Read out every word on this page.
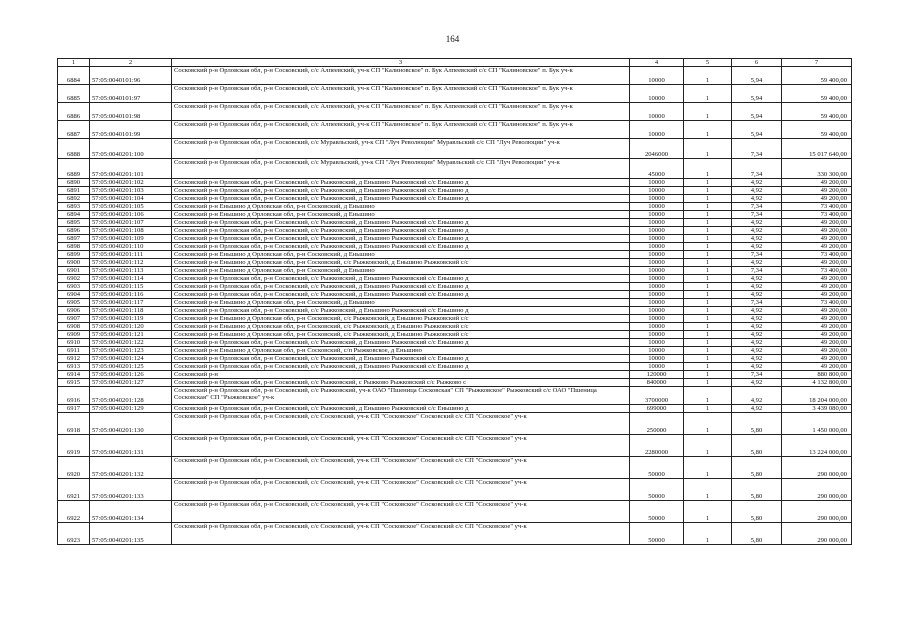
164
1	2	3	4	5	6	7
6884	57:05:0040101:96	Сосковский р-н Орловская обл, р-н Сосковский, с/с Алпеевский, уч-к СП "Калиновское" п. Бук Алпеевский с/с СП "Калиновское" п. Бук уч-к	10000	1	5,94	59 400,00
6885	57:05:0040101:97	Сосковский р-н Орловская обл, р-н Сосковский, с/с Алпеевский, уч-к СП "Калиновское" п. Бук Алпеевский с/с СП "Калиновское" п. Бук уч-к	10000	1	5,94	59 400,00
6886	57:05:0040101:98	Сосковский р-н Орловская обл, р-н Сосковский, с/с Алпеевский, уч-к СП "Калиновское" п. Бук Алпеевский с/с СП "Калиновское" п. Бук уч-к	10000	1	5,94	59 400,00
6887	57:05:0040101:99	Сосковский р-н Орловская обл, р-н Сосковский, с/с Алпеевский, уч-к СП "Калиновское" п. Бук Алпеевский с/с СП "Калиновское" п. Бук уч-к	10000	1	5,94	59 400,00
6888	57:05:0040201:100	Сосковский р-н Орловская обл, р-н Сосковский, с/с Муравльский, уч-к СП "Луч Революции" Муравльский с/с СП "Луч Революции" уч-к	2046000	1	7,34	15 017 640,00
6889	57:05:0040201:101	Сосковский р-н Орловская обл, р-н Сосковский, с/с Муравльский, уч-к СП "Луч Революции" Муравльский с/с СП "Луч Революции" уч-к	45000	1	7,34	330 300,00
6890	57:05:0040201:102	Сосковский р-н Орловская обл, р-н Сосковский, с/с Рыжковский, д Еньшино Рыжковский с/с Еньшино д	10000	1	4,92	49 200,00
6891	57:05:0040201:103	Сосковский р-н Орловская обл, р-н Сосковский, с/с Рыжковский, д Еньшино Рыжковский с/с Еньшино д	10000	1	4,92	49 200,00
6892	57:05:0040201:104	Сосковский р-н Орловская обл, р-н Сосковский, с/с Рыжковский, д Еньшино Рыжковский с/с Еньшино д	10000	1	4,92	49 200,00
6893	57:05:0040201:105	Сосковский р-н Еньшино д Орловская обл, р-н Сосковский, д Еньшино	10000	1	7,34	73 400,00
6894	57:05:0040201:106	Сосковский р-н Еньшино д Орловская обл, р-н Сосковский, д Еньшино	10000	1	7,34	73 400,00
6895	57:05:0040201:107	Сосковский р-н Орловская обл, р-н Сосковский, с/с Рыжковский, д Еньшино Рыжковский с/с Еньшино д	10000	1	4,92	49 200,00
6896	57:05:0040201:108	Сосковский р-н Орловская обл, р-н Сосковский, с/с Рыжковский, д Еньшино Рыжковский с/с Еньшино д	10000	1	4,92	49 200,00
6897	57:05:0040201:109	Сосковский р-н Орловская обл, р-н Сосковский, с/с Рыжковский, д Еньшино Рыжковский с/с Еньшино д	10000	1	4,92	49 200,00
6898	57:05:0040201:110	Сосковский р-н Орловская обл, р-н Сосковский, с/с Рыжковский, д Еньшино Рыжковский с/с Еньшино д	10000	1	4,92	49 200,00
6899	57:05:0040201:111	Сосковский р-н Еньшино д Орловская обл, р-н Сосковский, д Еньшино	10000	1	7,34	73 400,00
6900	57:05:0040201:112	Сосковский р-н Еньшино д Орловская обл, р-н Сосковский, с/с Рыжковский, д Еньшино Рыжковский с/с	10000	1	4,92	49 200,00
6901	57:05:0040201:113	Сосковский р-н Еньшино д Орловская обл, р-н Сосковский, д Еньшино	10000	1	7,34	73 400,00
6902	57:05:0040201:114	Сосковский р-н Орловская обл, р-н Сосковский, с/с Рыжковский, д Еньшино Рыжковский с/с Еньшино д	10000	1	4,92	49 200,00
6903	57:05:0040201:115	Сосковский р-н Орловская обл, р-н Сосковский, с/с Рыжковский, д Еньшино Рыжковский с/с Еньшино д	10000	1	4,92	49 200,00
6904	57:05:0040201:116	Сосковский р-н Орловская обл, р-н Сосковский, с/с Рыжковский, д Еньшино Рыжковский с/с Еньшино д	10000	1	4,92	49 200,00
6905	57:05:0040201:117	Сосковский р-н Еньшино д Орловская обл, р-н Сосковский, д Еньшино	10000	1	7,34	73 400,00
6906	57:05:0040201:118	Сосковский р-н Орловская обл, р-н Сосковский, с/с Рыжковский, д Еньшино Рыжковский с/с Еньшино д	10000	1	4,92	49 200,00
6907	57:05:0040201:119	Сосковский р-н Еньшино д Орловская обл, р-н Сосковский, с/с Рыжковский, д Еньшино Рыжковский с/с	10000	1	4,92	49 200,00
6908	57:05:0040201:120	Сосковский р-н Еньшино д Орловская обл, р-н Сосковский, с/с Рыжковский, д Еньшино Рыжковский с/с	10000	1	4,92	49 200,00
6909	57:05:0040201:121	Сосковский р-н Еньшино д Орловская обл, р-н Сосковский, с/с Рыжковский, д Еньшино Рыжковский с/с	10000	1	4,92	49 200,00
6910	57:05:0040201:122	Сосковский р-н Орловская обл, р-н Сосковский, с/с Рыжковский, д Еньшино Рыжковский с/с Еньшино д	10000	1	4,92	49 200,00
6911	57:05:0040201:123	Сосковский р-н Еньшино д Орловская обл, р-н Сосковский, с/п Рыжковское, д Еньшино	10000	1	4,92	49 200,00
6912	57:05:0040201:124	Сосковский р-н Орловская обл, р-н Сосковский, с/с Рыжковский, д Еньшино Рыжковский с/с Еньшино д	10000	1	4,92	49 200,00
6913	57:05:0040201:125	Сосковский р-н Орловская обл, р-н Сосковский, с/с Рыжковский, д Еньшино Рыжковский с/с Еньшино д	10000	1	4,92	49 200,00
6914	57:05:0040201:126	Сосковский р-н	120000	1	7,34	880 800,00
6915	57:05:0040201:127	Сосковский р-н Орловская обл, р-н Сосковский, с/с Рыжковский, с Рыжково Рыжковский с/с Рыжково с	840000	1	4,92	4 132 800,00
6916	57:05:0040201:128	Сосковский р-н Орловская обл, р-н Сосковский, с/с Рыжковский, уч-к ОАО "Пшеница Сосковская" СП "Рыжковское" Рыжковский с/с ОАО "Пшеница Сосковская" СП "Рыжковское" уч-к	3700000	1	4,92	18 204 000,00
6917	57:05:0040201:129	Сосковский р-н Орловская обл, р-н Сосковский, с/с Рыжковский, д Еньшино Рыжковский с/с Еньшино д	699000	1	4,92	3 439 080,00
6918	57:05:0040201:130	Сосковский р-н Орловская обл, р-н Сосковский, с/с Сосковский, уч-к СП "Сосковское" Сосковский с/с СП "Сосковское" уч-к	250000	1	5,80	1 450 000,00
6919	57:05:0040201:131	Сосковский р-н Орловская обл, р-н Сосковский, с/с Сосковский, уч-к СП "Сосковское" Сосковский с/с СП "Сосковское" уч-к	2280000	1	5,80	13 224 000,00
6920	57:05:0040201:132	Сосковский р-н Орловская обл, р-н Сосковский, с/с Сосковский, уч-к СП "Сосковское" Сосковский с/с СП "Сосковское" уч-к	50000	1	5,80	290 000,00
6921	57:05:0040201:133	Сосковский р-н Орловская обл, р-н Сосковский, с/с Сосковский, уч-к СП "Сосковское" Сосковский с/с СП "Сосковское" уч-к	50000	1	5,80	290 000,00
6922	57:05:0040201:134	Сосковский р-н Орловская обл, р-н Сосковский, с/с Сосковский, уч-к СП "Сосковское" Сосковский с/с СП "Сосковское" уч-к	50000	1	5,80	290 000,00
6923	57:05:0040201:135	Сосковский р-н Орловская обл, р-н Сосковский, с/с Сосковский, уч-к СП "Сосковское" Сосковский с/с СП "Сосковское" уч-к	50000	1	5,80	290 000,00
